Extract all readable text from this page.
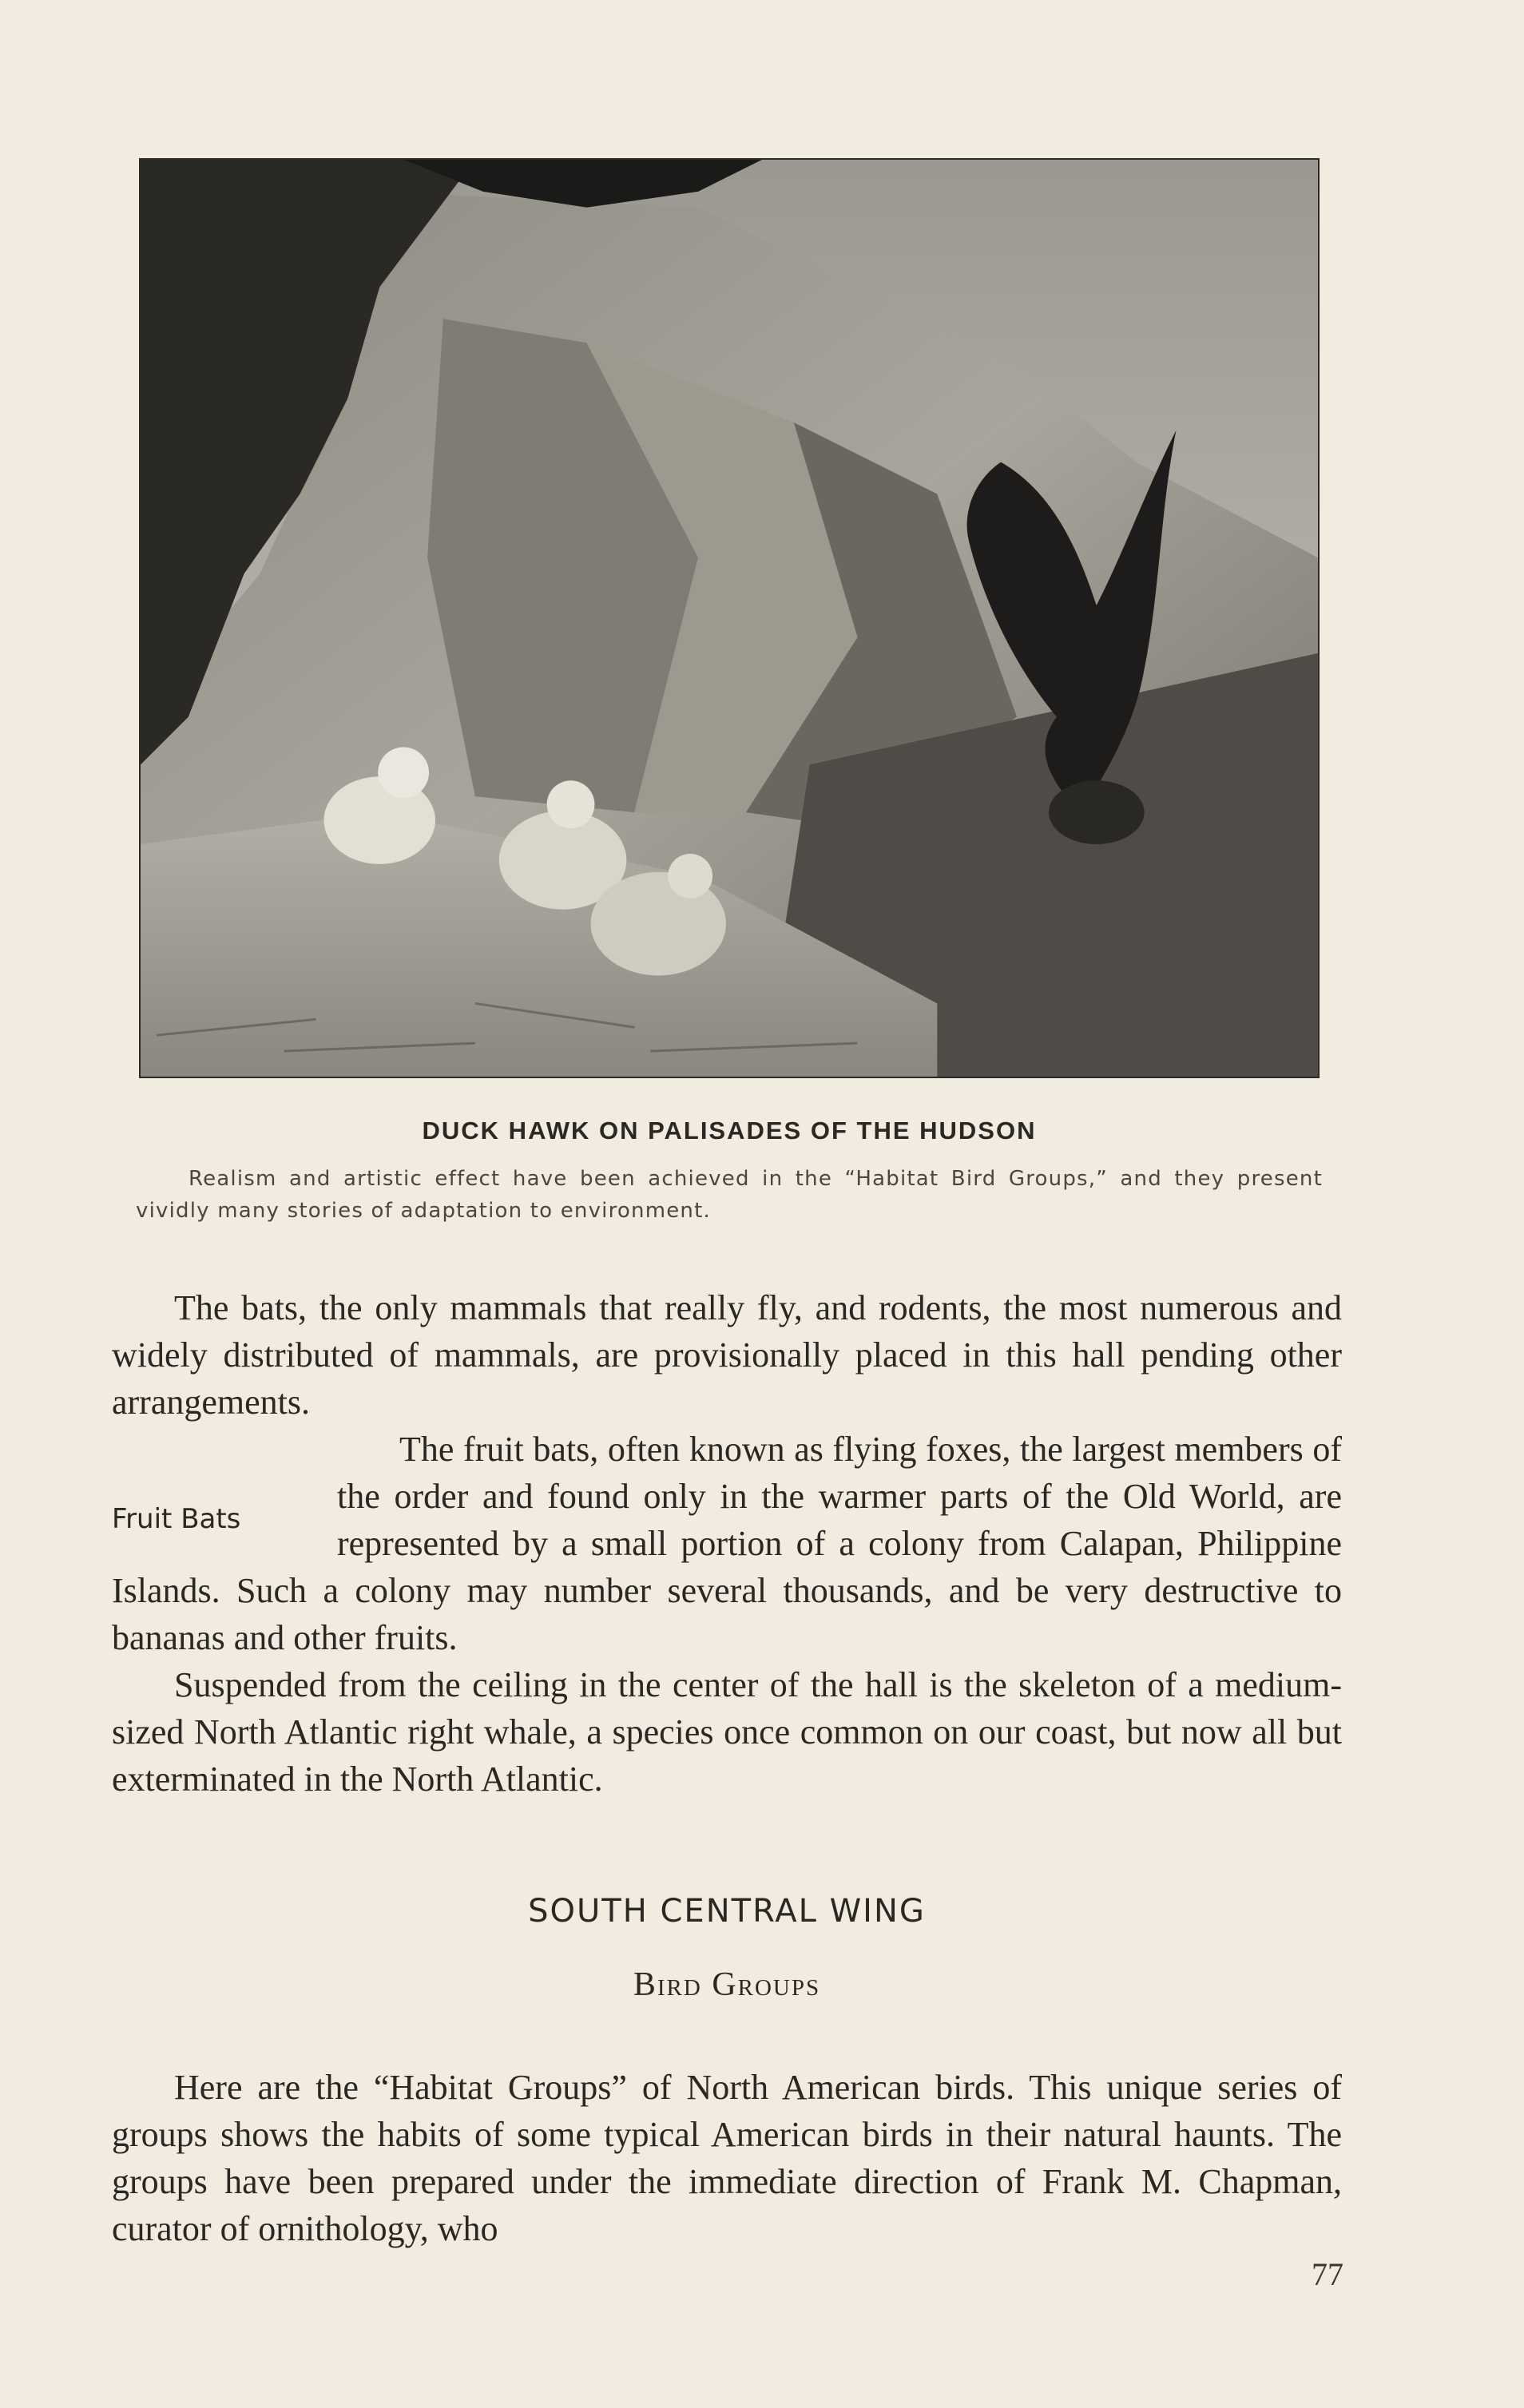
DUCK HAWK ON PALISADES OF THE HUDSON
Realism and artistic effect have been achieved in the “Habitat Bird Groups,” and they present vividly many stories of adaptation to environment.

The bats, the only mammals that really fly, and rodents, the most numerous and widely distributed of mammals, are provisionally placed in this hall pending other arrangements.

Fruit Bats

The fruit bats, often known as flying foxes, the largest members of the order and found only in the warmer parts of the Old World, are represented by a small portion of a colony from Calapan, Philippine Islands. Such a colony may number several thousands, and be very destructive to bananas and other fruits.

Suspended from the ceiling in the center of the hall is the skeleton of a medium-sized North Atlantic right whale, a species once common on our coast, but now all but exterminated in the North Atlantic.

SOUTH CENTRAL WING
Bird Groups

Here are the “Habitat Groups” of North American birds. This unique series of groups shows the habits of some typical American birds in their natural haunts. The groups have been prepared under the immediate direction of Frank M. Chapman, curator of ornithology, who

77
